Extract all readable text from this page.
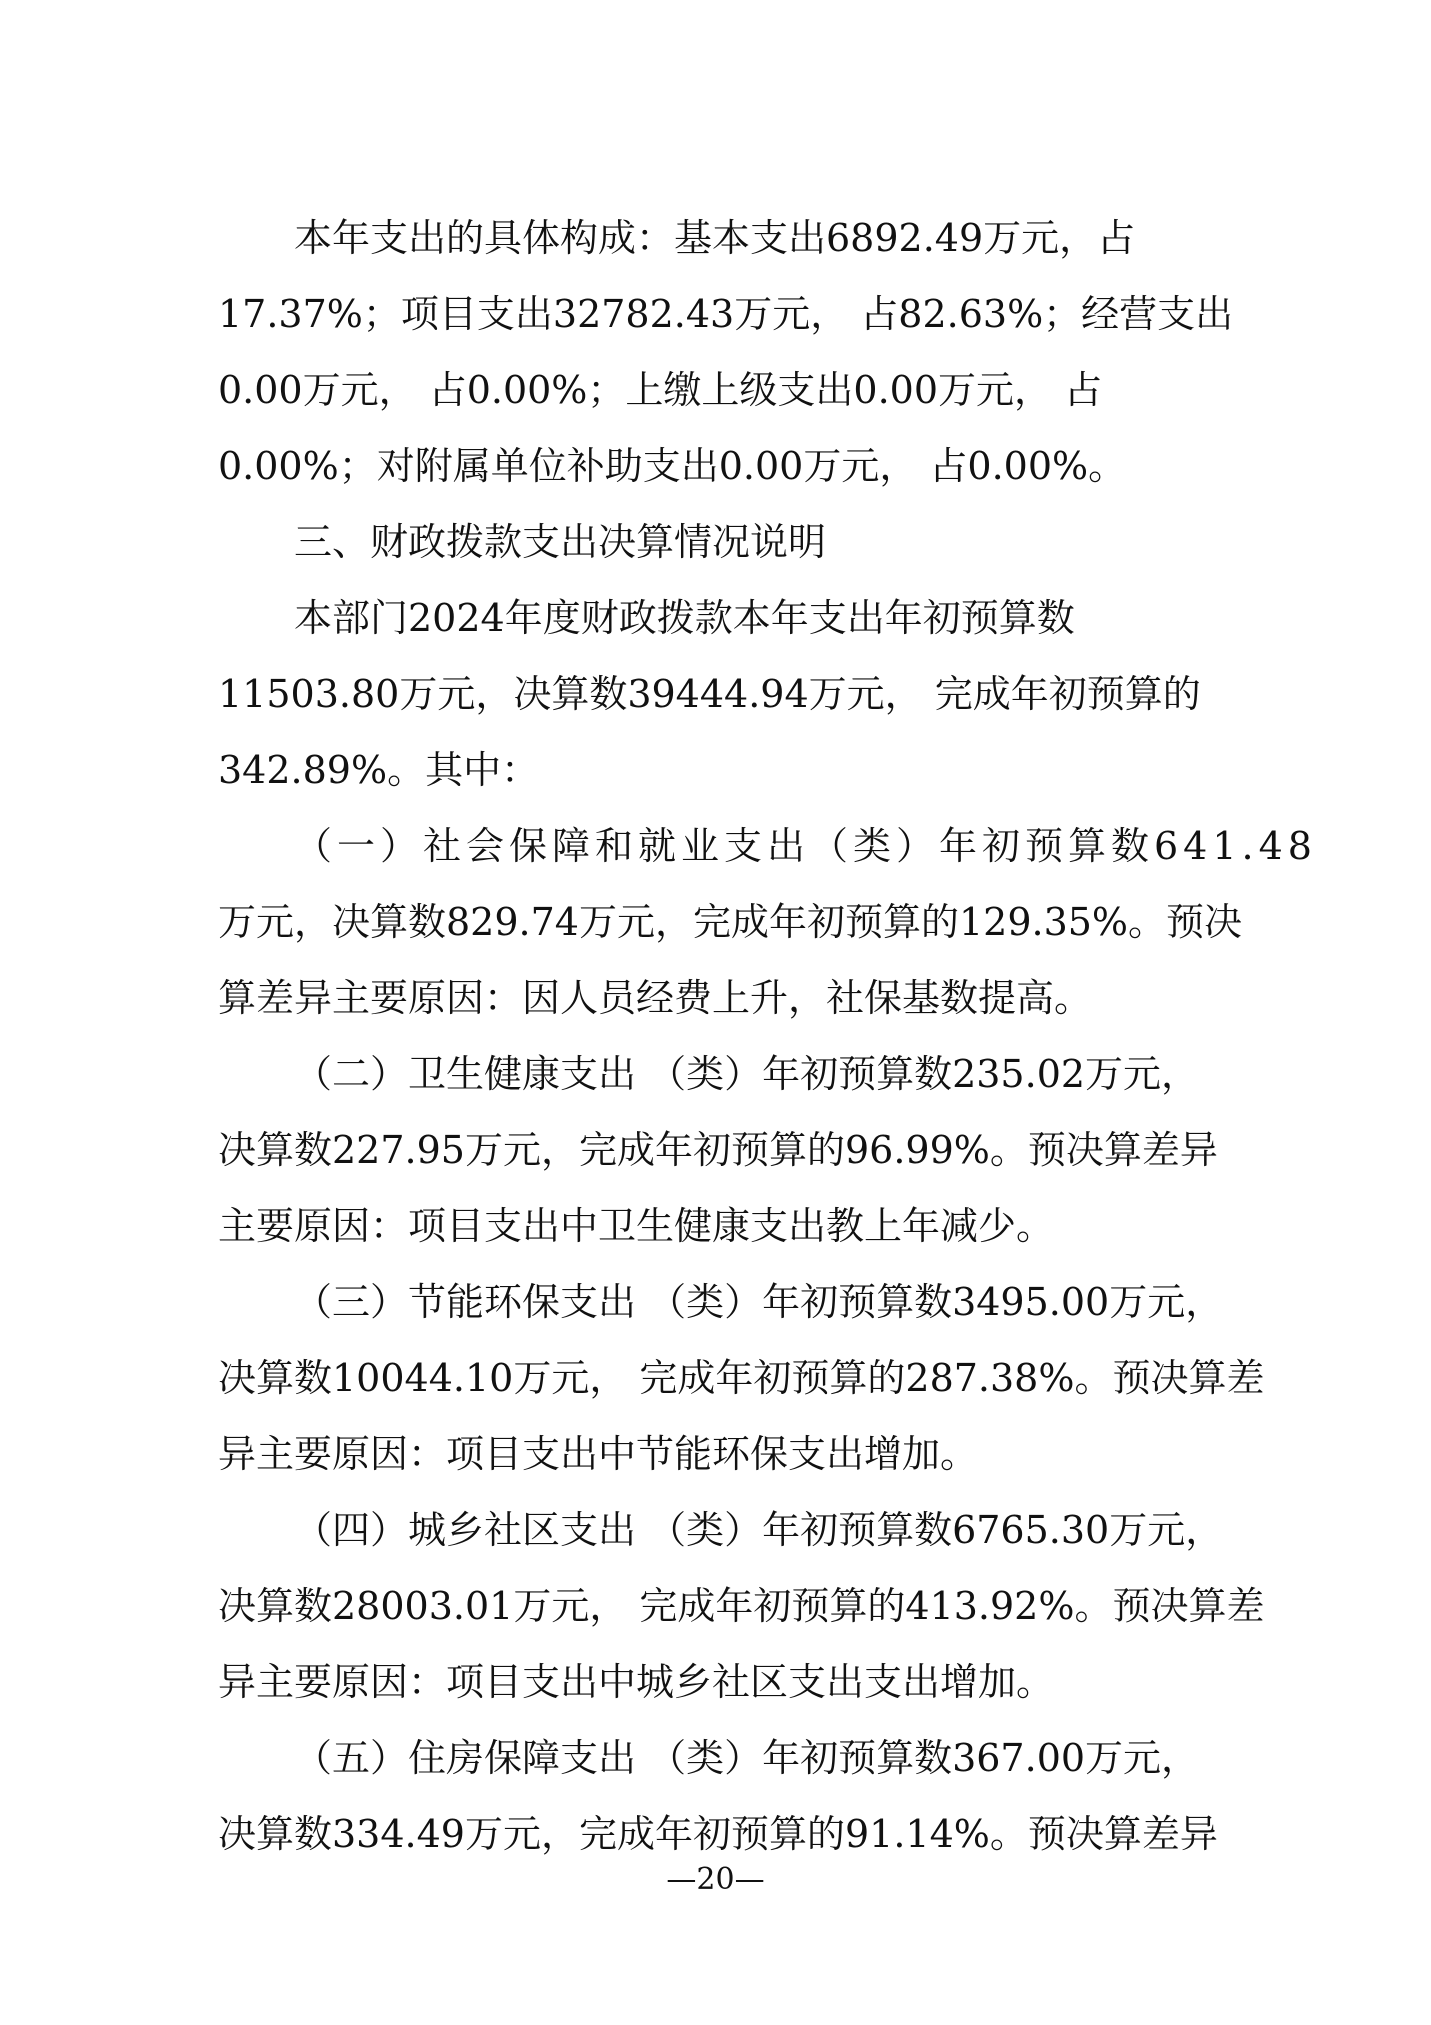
本年支出的具体构成：基本支出6892.49万元，占
17.37%；项目支出32782.43万元， 占82.63%；经营支出
0.00万元， 占0.00%；上缴上级支出0.00万元， 占
0.00%；对附属单位补助支出0.00万元， 占0.00%。
三、财政拨款支出决算情况说明
本部门2024年度财政拨款本年支出年初预算数
11503.80万元，决算数39444.94万元， 完成年初预算的
342.89%。其中：
（一）社会保障和就业支出（类）年初预算数641.48
万元，决算数829.74万元，完成年初预算的129.35%。预决
算差异主要原因：因人员经费上升，社保基数提高。
（二）卫生健康支出 （类）年初预算数235.02万元，
决算数227.95万元，完成年初预算的96.99%。预决算差异
主要原因：项目支出中卫生健康支出教上年减少。
（三）节能环保支出 （类）年初预算数3495.00万元，
决算数10044.10万元， 完成年初预算的287.38%。预决算差
异主要原因：项目支出中节能环保支出增加。
（四）城乡社区支出 （类）年初预算数6765.30万元，
决算数28003.01万元， 完成年初预算的413.92%。预决算差
异主要原因：项目支出中城乡社区支出支出增加。
（五）住房保障支出 （类）年初预算数367.00万元，
决算数334.49万元，完成年初预算的91.14%。预决算差异
—20—
